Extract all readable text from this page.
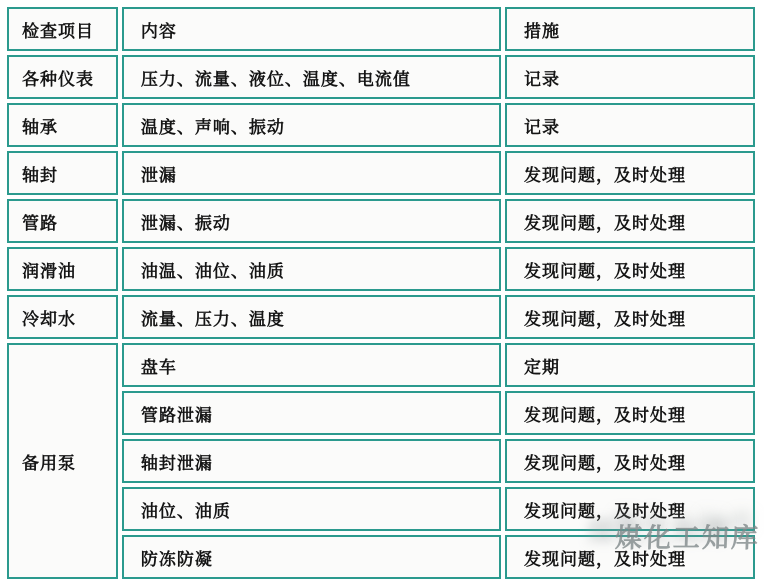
检查项目	内容	措施
各种仪表	压力、流量、液位、温度、电流值	记录
轴承	温度、声响、振动	记录
轴封	泄漏	发现问题，及时处理
管路	泄漏、振动	发现问题，及时处理
润滑油	油温、油位、油质	发现问题，及时处理
冷却水	流量、压力、温度	发现问题，及时处理
备用泵	盘车	定期
	管路泄漏	发现问题，及时处理
	轴封泄漏	发现问题，及时处理
	油位、油质	发现问题，及时处理
	防冻防凝	发现问题，及时处理
煤化工知库
